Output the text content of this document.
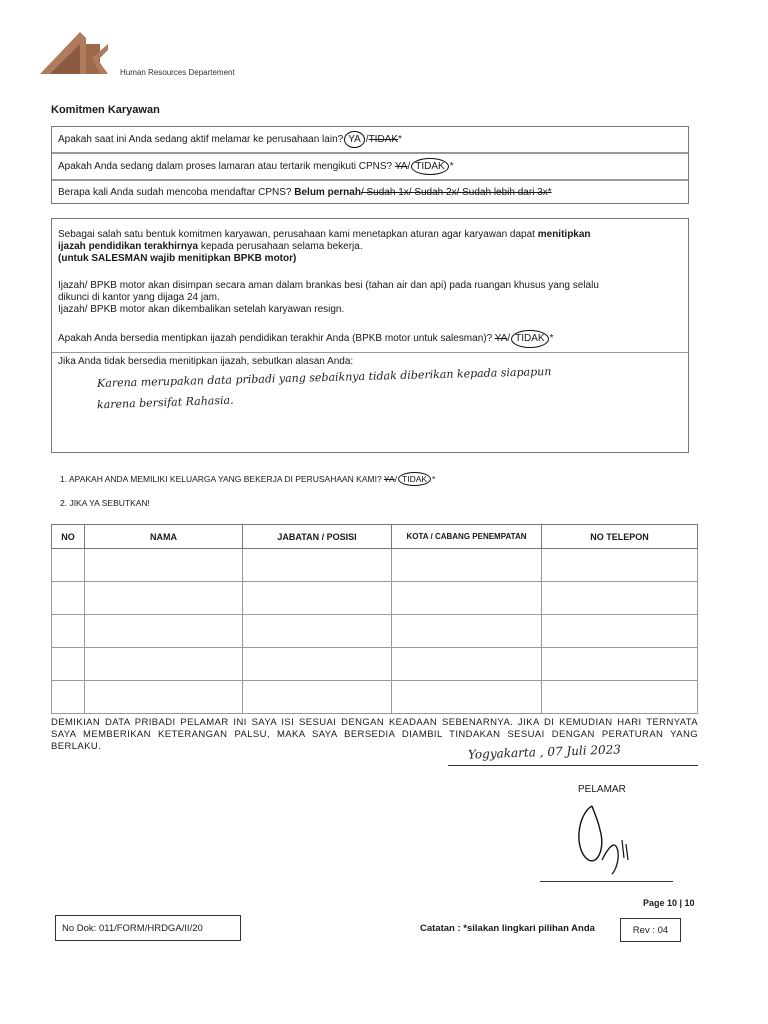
Human Resources Departement
Komitmen Karyawan
Apakah saat ini Anda sedang aktif melamar ke perusahaan lain? YA / TIDAK *
Apakah Anda sedang dalam proses lamaran atau tertarik mengikuti CPNS?
YA / TIDAK *
Berapa kali Anda sudah mencoba mendaftar CPNS?
Belum pernah / Sudah 1x/ Sudah 2x/ Sudah lebih dari 3x*
Sebagai salah satu bentuk komitmen karyawan, perusahaan kami menetapkan aturan agar karyawan dapat menitipkan
ijazah pendidikan terakhirnya kepada perusahaan selama bekerja.
(untuk SALESMAN wajib menitipkan BPKB motor)
Ijazah/ BPKB motor akan disimpan secara aman dalam brankas besi (tahan air dan api) pada ruangan khusus yang selalu
dikunci di kantor yang dijaga 24 jam.
Ijazah/ BPKB motor akan dikembalikan setelah karyawan resign.
Apakah Anda bersedia mentipkan ijazah pendidikan terakhir Anda (BPKB motor untuk salesman)? YA/ TIDAK *
Jika Anda tidak bersedia menitipkan ijazah, sebutkan alasan Anda:
Karena merupakan data pribadi yang sebaiknya tidak diberikan kepada siapapun
karena bersifat Rahasia.
1. APAKAH ANDA MEMILIKI KELUARGA YANG BEKERJA DI PERUSAHAAN KAMI? YA/ TIDAK *
2. JIKA YA SEBUTKAN!
NO	NAMA	JABATAN / POSISI	KOTA / CABANG PENEMPATAN	NO TELEPON

DEMIKIAN DATA PRIBADI PELAMAR INI SAYA ISI SESUAI DENGAN KEADAAN SEBENARNYA. JIKA DI KEMUDIAN HARI TERNYATA SAYA MEMBERIKAN KETERANGAN PALSU, MAKA SAYA BERSEDIA DIAMBIL TINDAKAN SESUAI DENGAN PERATURAN YANG BERLAKU.	Yogyakarta , 07 Juli 2023
PELAMAR
Page 10 | 10
No Dok: 011/FORM/HRDGA/II/20	Catatan : *silakan lingkari pilihan Anda	Rev : 04
